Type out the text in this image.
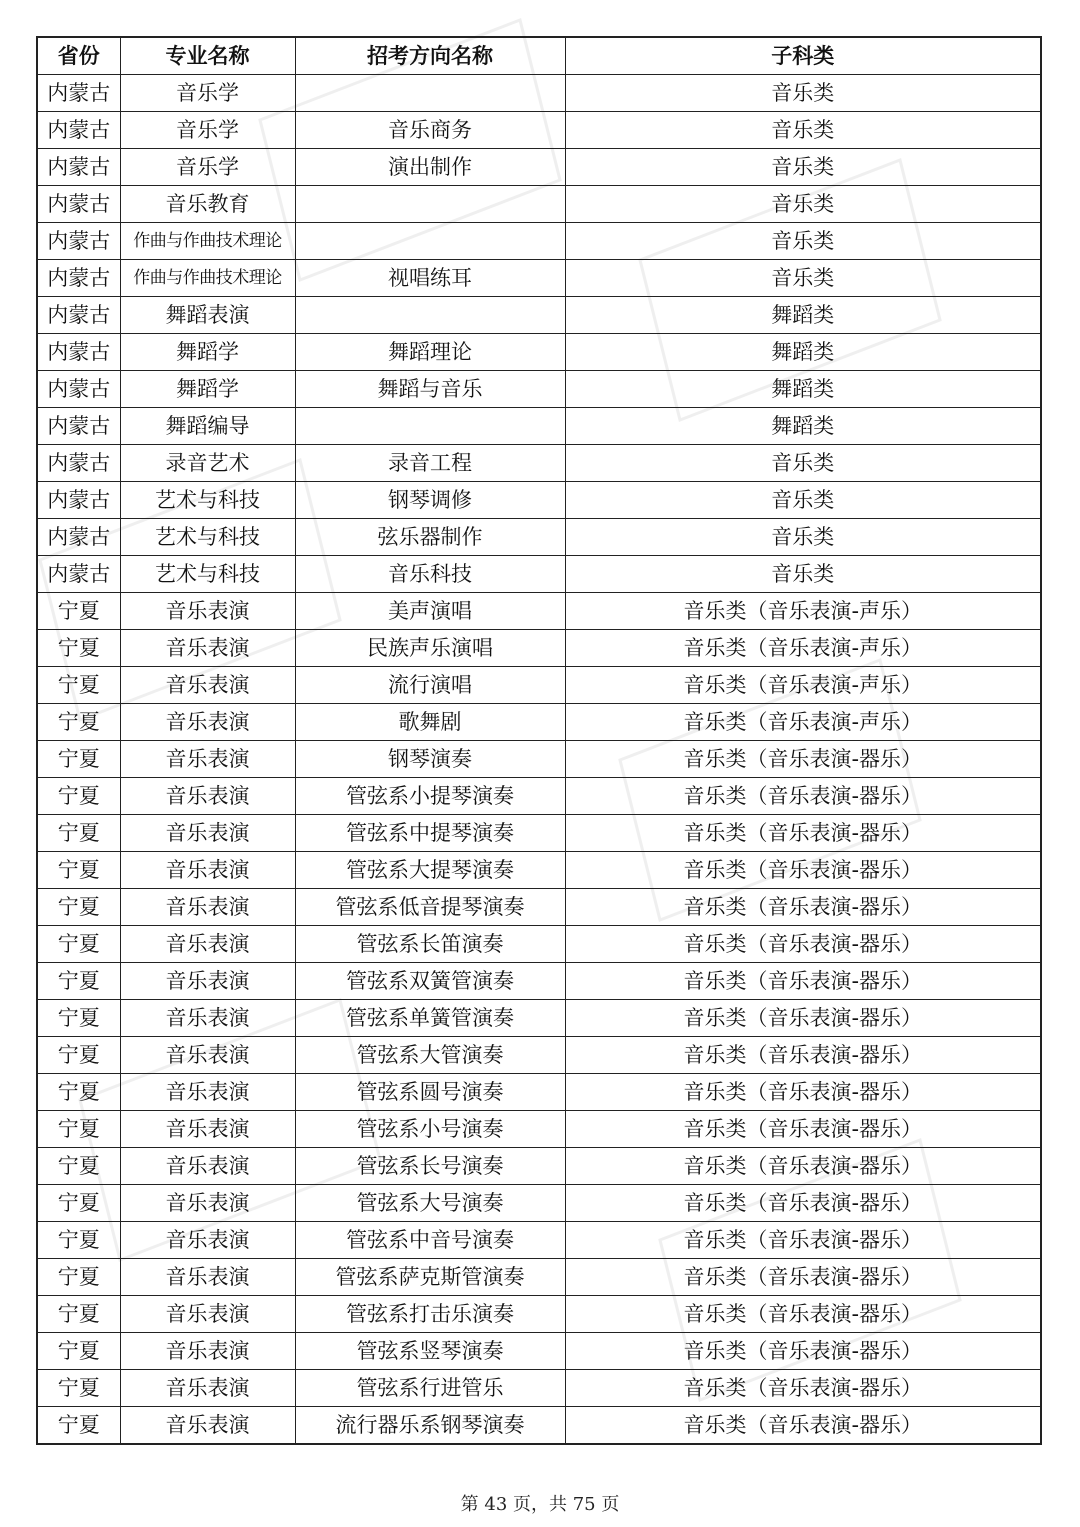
省份	专业名称	招考方向名称	子科类
内蒙古	音乐学		音乐类
内蒙古	音乐学	音乐商务	音乐类
内蒙古	音乐学	演出制作	音乐类
内蒙古	音乐教育		音乐类
内蒙古	作曲与作曲技术理论		音乐类
内蒙古	作曲与作曲技术理论	视唱练耳	音乐类
内蒙古	舞蹈表演		舞蹈类
内蒙古	舞蹈学	舞蹈理论	舞蹈类
内蒙古	舞蹈学	舞蹈与音乐	舞蹈类
内蒙古	舞蹈编导		舞蹈类
内蒙古	录音艺术	录音工程	音乐类
内蒙古	艺术与科技	钢琴调修	音乐类
内蒙古	艺术与科技	弦乐器制作	音乐类
内蒙古	艺术与科技	音乐科技	音乐类
宁夏	音乐表演	美声演唱	音乐类（音乐表演-声乐）
宁夏	音乐表演	民族声乐演唱	音乐类（音乐表演-声乐）
宁夏	音乐表演	流行演唱	音乐类（音乐表演-声乐）
宁夏	音乐表演	歌舞剧	音乐类（音乐表演-声乐）
宁夏	音乐表演	钢琴演奏	音乐类（音乐表演-器乐）
宁夏	音乐表演	管弦系小提琴演奏	音乐类（音乐表演-器乐）
宁夏	音乐表演	管弦系中提琴演奏	音乐类（音乐表演-器乐）
宁夏	音乐表演	管弦系大提琴演奏	音乐类（音乐表演-器乐）
宁夏	音乐表演	管弦系低音提琴演奏	音乐类（音乐表演-器乐）
宁夏	音乐表演	管弦系长笛演奏	音乐类（音乐表演-器乐）
宁夏	音乐表演	管弦系双簧管演奏	音乐类（音乐表演-器乐）
宁夏	音乐表演	管弦系单簧管演奏	音乐类（音乐表演-器乐）
宁夏	音乐表演	管弦系大管演奏	音乐类（音乐表演-器乐）
宁夏	音乐表演	管弦系圆号演奏	音乐类（音乐表演-器乐）
宁夏	音乐表演	管弦系小号演奏	音乐类（音乐表演-器乐）
宁夏	音乐表演	管弦系长号演奏	音乐类（音乐表演-器乐）
宁夏	音乐表演	管弦系大号演奏	音乐类（音乐表演-器乐）
宁夏	音乐表演	管弦系中音号演奏	音乐类（音乐表演-器乐）
宁夏	音乐表演	管弦系萨克斯管演奏	音乐类（音乐表演-器乐）
宁夏	音乐表演	管弦系打击乐演奏	音乐类（音乐表演-器乐）
宁夏	音乐表演	管弦系竖琴演奏	音乐类（音乐表演-器乐）
宁夏	音乐表演	管弦系行进管乐	音乐类（音乐表演-器乐）
宁夏	音乐表演	流行器乐系钢琴演奏	音乐类（音乐表演-器乐）
第 43 页，共 75 页
